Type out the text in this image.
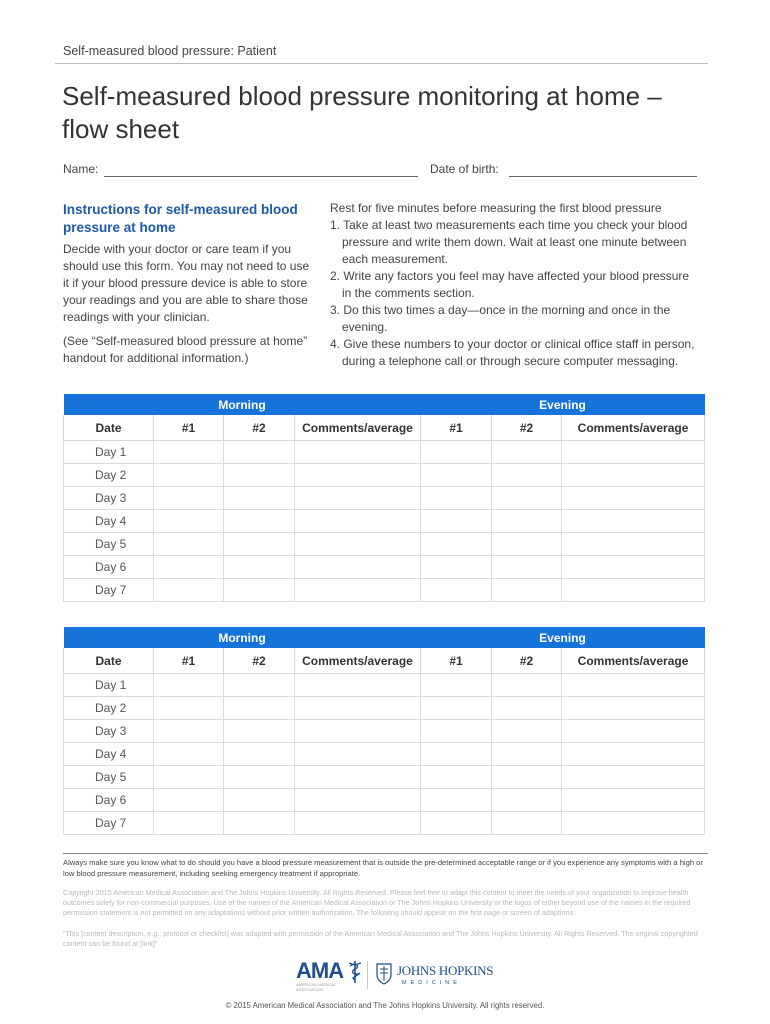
Self-measured blood pressure: Patient
Self-measured blood pressure monitoring at home – flow sheet
Name:	Date of birth:
Instructions for self-measured blood pressure at home

Decide with your doctor or care team if you should use this form. You may not need to use it if your blood pressure device is able to store your readings and you are able to share those readings with your clinician.

(See “Self-measured blood pressure at home” handout for additional information.)

Rest for five minutes before measuring the first blood pressure
1. Take at least two measurements each time you check your blood pressure and write them down. Wait at least one minute between each measurement.
2. Write any factors you feel may have affected your blood pressure in the comments section.
3. Do this two times a day—once in the morning and once in the evening.
4. Give these numbers to your doctor or clinical office staff in person, during a telephone call or through secure computer messaging.
Morning				Evening		
Date	#1	#2	Comments/average	#1	#2	Comments/average
Day 1						
Day 2						
Day 3						
Day 4						
Day 5						
Day 6						
Day 7						
Morning				Evening		
Date	#1	#2	Comments/average	#1	#2	Comments/average
Day 1						
Day 2						
Day 3						
Day 4						
Day 5						
Day 6						
Day 7						

Always make sure you know what to do should you have a blood pressure measurement that is outside the pre-determined acceptable range or if you experience any symptoms with a high or low blood pressure measurement, including seeking emergency treatment if appropriate.

Copyright 2015 American Medical Association and The Johns Hopkins University. All Rights Reserved. Please feel free to adapt this content to meet the needs of your organization to improve health outcomes solely for non-commercial purposes. Use of the names of the American Medical Association or The Johns Hopkins University or the logos of either beyond use of the names in the required permission statement is not permitted on any adaptations without prior written authorization. The following should appear on the first page or screen of adaptions:

“This [content description, e.g., protocol or checklist] was adapted with permission of the American Medical Association and The Johns Hopkins University. All Rights Reserved. The original copyrighted content can be found at [link]”

AMA
AMERICAN MEDICAL ASSOCIATION
JOHNS HOPKINS
MEDICINE
© 2015 American Medical Association and The Johns Hopkins University. All rights reserved.
